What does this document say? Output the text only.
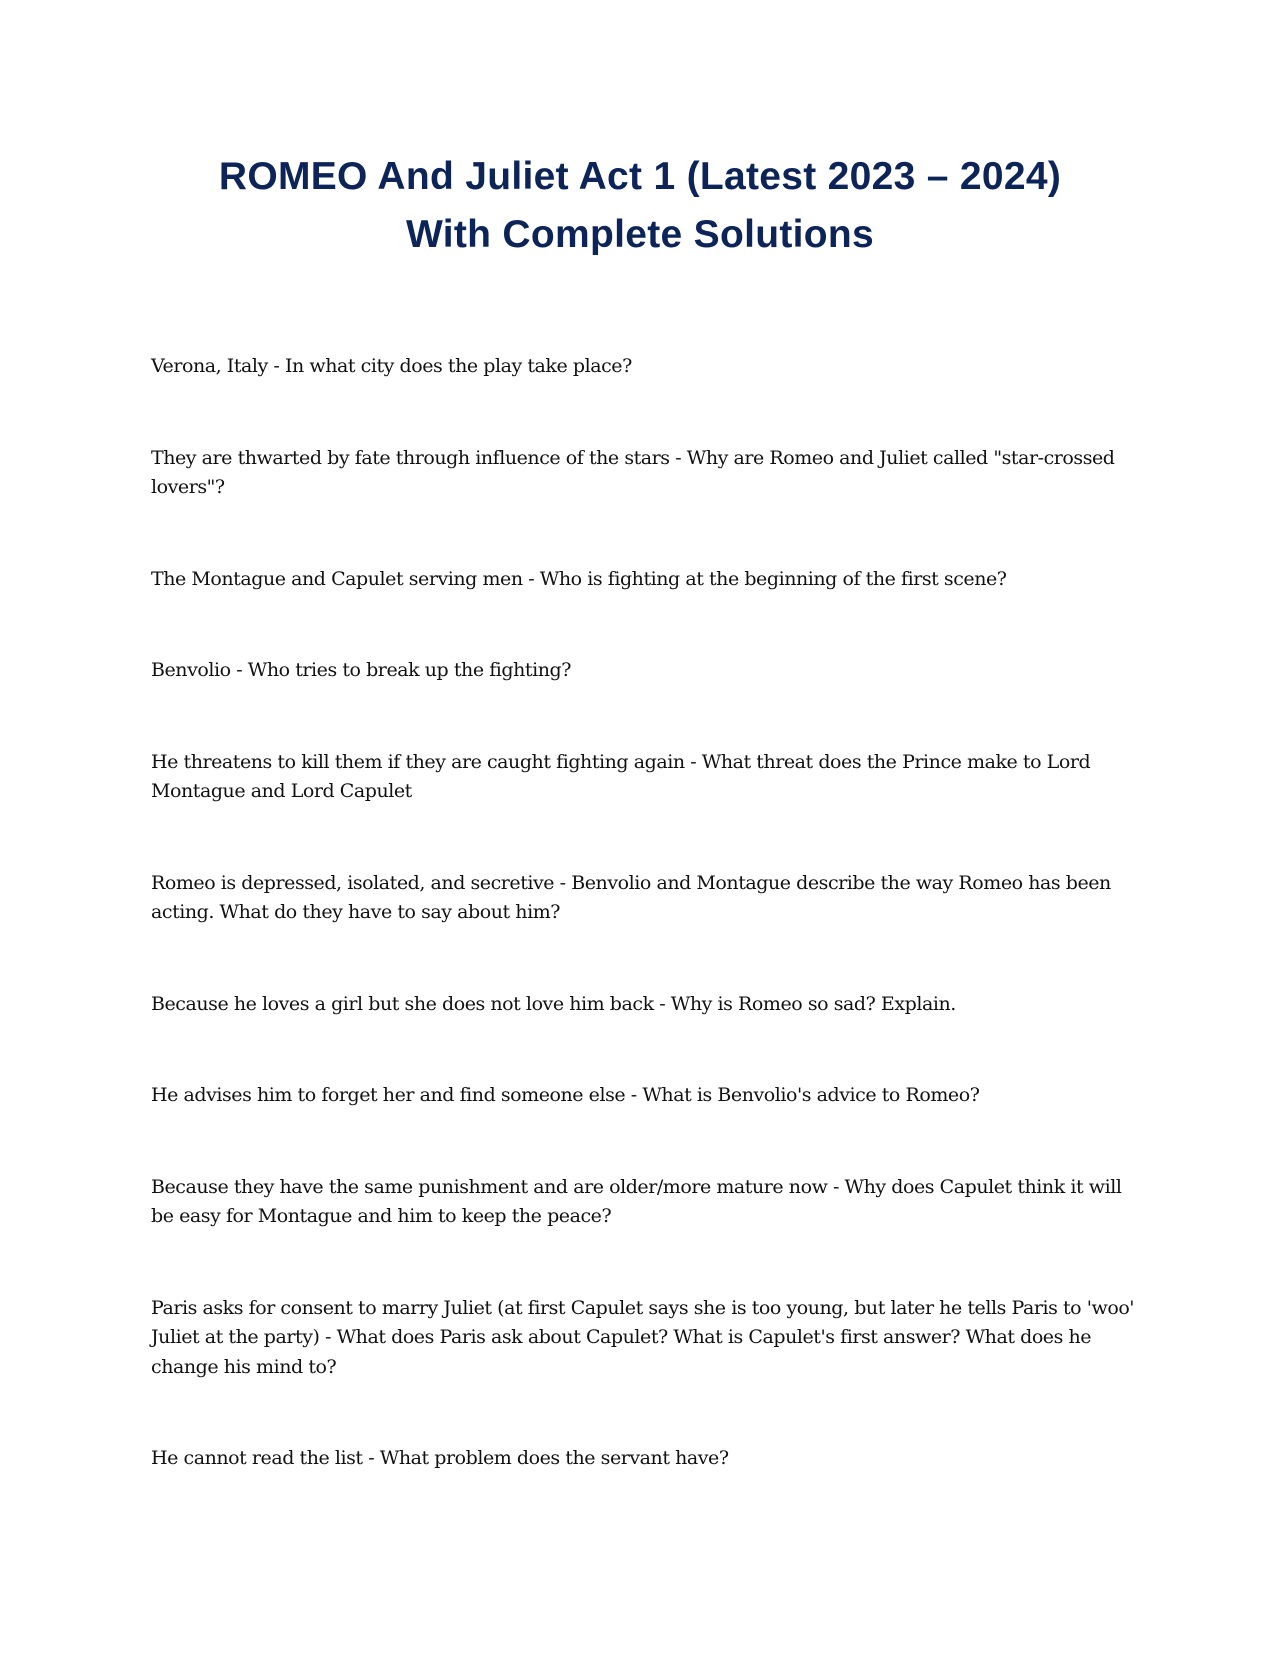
ROMEO And Juliet Act 1 (Latest 2023 – 2024)

With Complete Solutions

Verona, Italy - In what city does the play take place?
They are thwarted by fate through influence of the stars - Why are Romeo and Juliet called "star-crossed lovers"?
The Montague and Capulet serving men - Who is fighting at the beginning of the first scene?
Benvolio - Who tries to break up the fighting?
He threatens to kill them if they are caught fighting again - What threat does the Prince make to Lord Montague and Lord Capulet
Romeo is depressed, isolated, and secretive - Benvolio and Montague describe the way Romeo has been acting. What do they have to say about him?
Because he loves a girl but she does not love him back - Why is Romeo so sad? Explain.
He advises him to forget her and find someone else - What is Benvolio's advice to Romeo?
Because they have the same punishment and are older/more mature now - Why does Capulet think it will be easy for Montague and him to keep the peace?
Paris asks for consent to marry Juliet (at first Capulet says she is too young, but later he tells Paris to 'woo' Juliet at the party) - What does Paris ask about Capulet? What is Capulet's first answer? What does he change his mind to?
He cannot read the list - What problem does the servant have?
